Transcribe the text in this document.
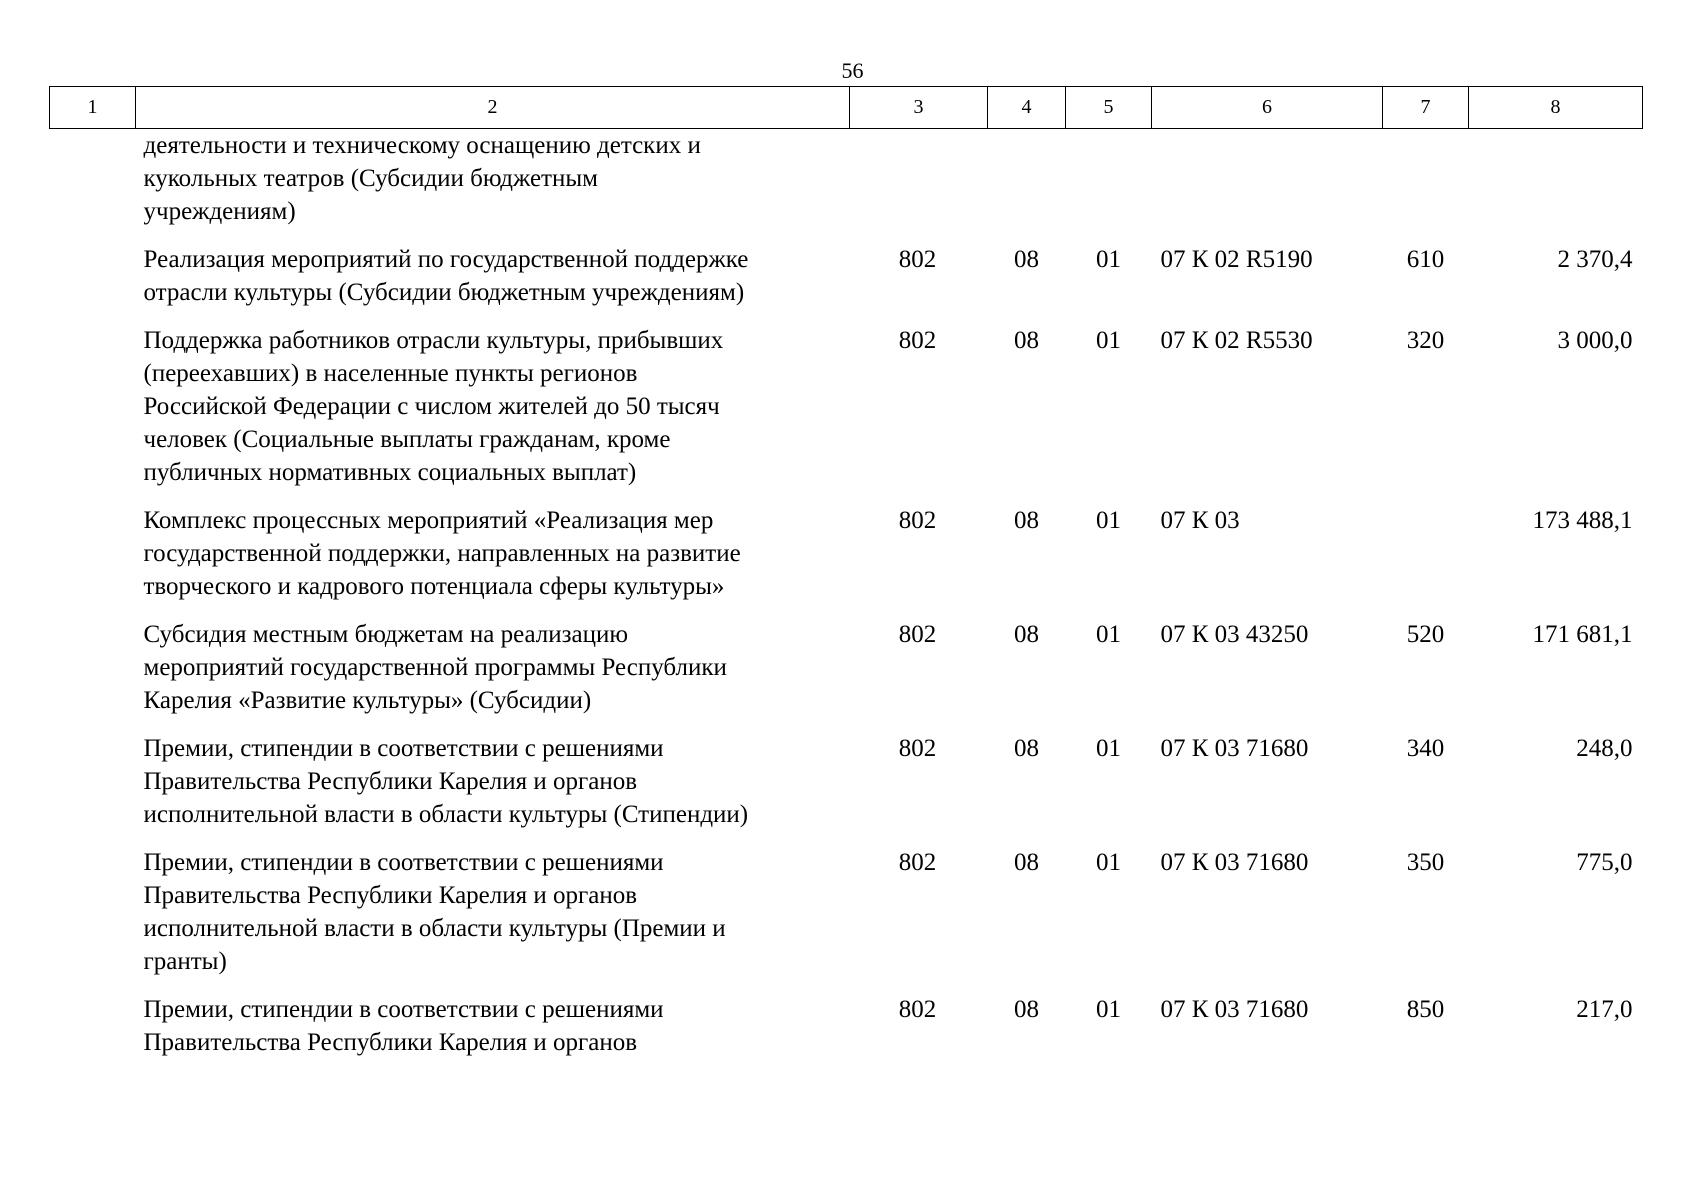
56
1	2	3	4	5	6	7	8

	деятельности и техническому оснащению детских и
кукольных театров (Субсидии бюджетным
учреждениям)						

	Реализация мероприятий по государственной поддержке
отрасли культуры (Субсидии бюджетным учреждениям)	802	08	01	07 К 02 R5190	610	2 370,4

	Поддержка работников отрасли культуры, прибывших
(переехавших) в населенные пункты регионов
Российской Федерации с числом жителей до 50 тысяч
человек (Социальные выплаты гражданам, кроме
публичных нормативных социальных выплат)	802	08	01	07 К 02 R5530	320	3 000,0

	Комплекс процессных мероприятий «Реализация мер
государственной поддержки, направленных на развитие
творческого и кадрового потенциала сферы культуры»	802	08	01	07 К 03		173 488,1

	Субсидия местным бюджетам на реализацию
мероприятий государственной программы Республики
Карелия «Развитие культуры» (Субсидии)	802	08	01	07 К 03 43250	520	171 681,1

	Премии, стипендии в соответствии с решениями
Правительства Республики Карелия и органов
исполнительной власти в области культуры (Стипендии)	802	08	01	07 К 03 71680	340	248,0

	Премии, стипендии в соответствии с решениями
Правительства Республики Карелия и органов
исполнительной власти в области культуры (Премии и
гранты)	802	08	01	07 К 03 71680	350	775,0

	Премии, стипендии в соответствии с решениями
Правительства Республики Карелия и органов	802	08	01	07 К 03 71680	850	217,0
